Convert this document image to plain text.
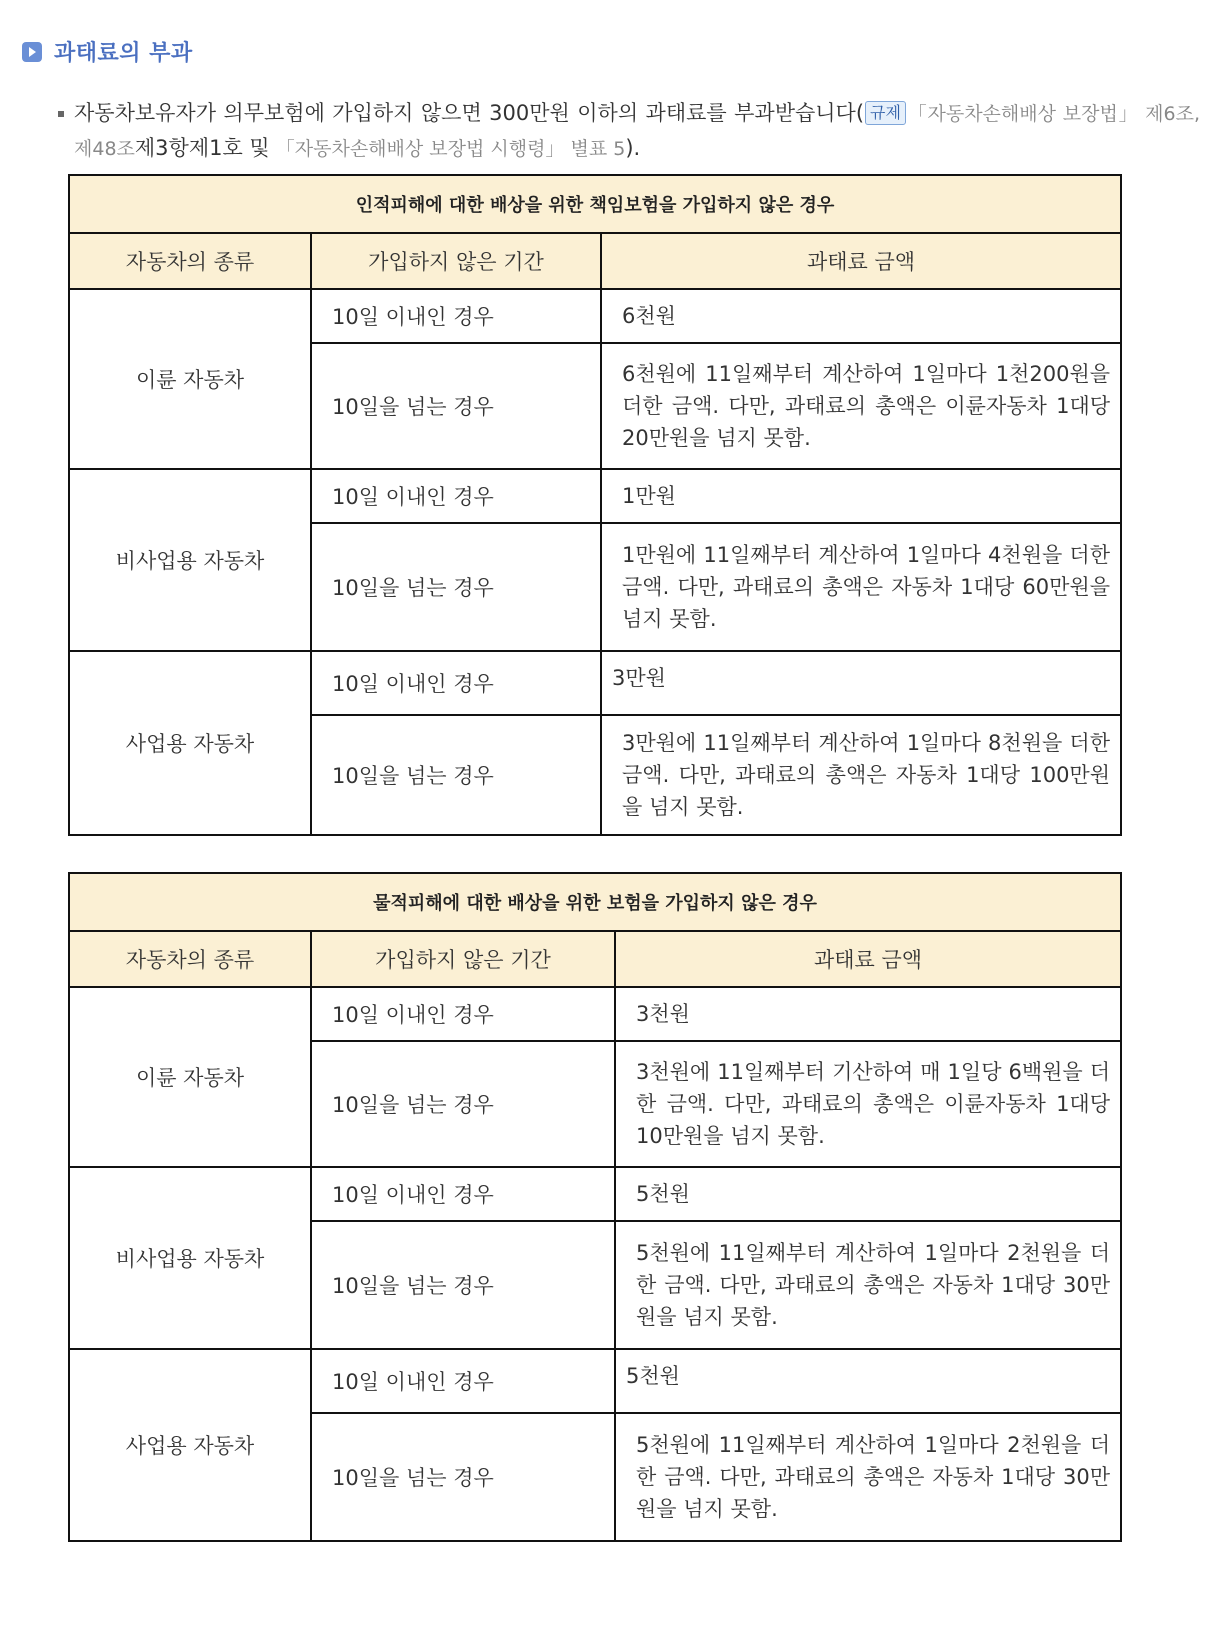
과태료의 부과
자동차보유자가 의무보험에 가입하지 않으면 300만원 이하의 과태료를 부과받습니다( 규제 「자동차손해배상 보장법」 제6조, 제48조제3항제1호 및 「자동차손해배상 보장법 시행령」 별표 5).
인적피해에 대한 배상을 위한 책임보험을 가입하지 않은 경우		
자동차의 종류	가입하지 않은 기간	과태료 금액
이륜 자동차	10일 이내인 경우	6천원
	10일을 넘는 경우	6천원에 11일째부터 계산하여 1일마다 1천200원을 더한 금액. 다만, 과태료의 총액은 이륜자동차 1대당 20만원을 넘지 못함.
비사업용 자동차	10일 이내인 경우	1만원
	10일을 넘는 경우	1만원에 11일째부터 계산하여 1일마다 4천원을 더한 금액. 다만, 과태료의 총액은 자동차 1대당 60만원을 넘지 못함.
사업용 자동차	10일 이내인 경우	3만원
	10일을 넘는 경우	3만원에 11일째부터 계산하여 1일마다 8천원을 더한 금액. 다만, 과태료의 총액은 자동차 1대당 100만원을 넘지 못함.
물적피해에 대한 배상을 위한 보험을 가입하지 않은 경우		
자동차의 종류	가입하지 않은 기간	과태료 금액
이륜 자동차	10일 이내인 경우	3천원
	10일을 넘는 경우	3천원에 11일째부터 기산하여 매 1일당 6백원을 더한 금액. 다만, 과태료의 총액은 이륜자동차 1대당 10만원을 넘지 못함.
비사업용 자동차	10일 이내인 경우	5천원
	10일을 넘는 경우	5천원에 11일째부터 계산하여 1일마다 2천원을 더한 금액. 다만, 과태료의 총액은 자동차 1대당 30만원을 넘지 못함.
사업용 자동차	10일 이내인 경우	5천원
	10일을 넘는 경우	5천원에 11일째부터 계산하여 1일마다 2천원을 더한 금액. 다만, 과태료의 총액은 자동차 1대당 30만원을 넘지 못함.
